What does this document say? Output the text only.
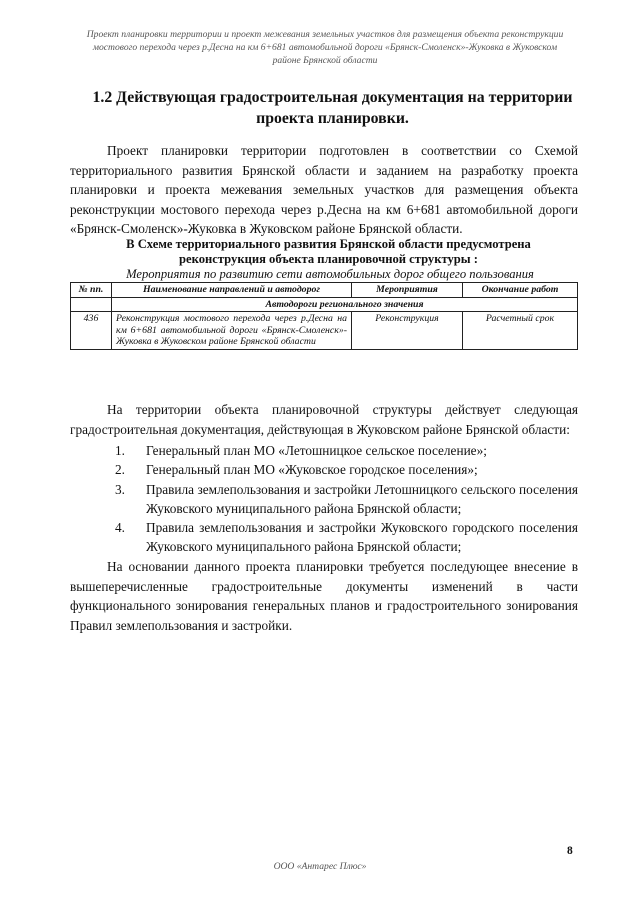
Проект планировки территории и проект межевания земельных участков для размещения объекта реконструкции мостового перехода через р.Десна на км 6+681 автомобильной дороги «Брянск-Смоленск»-Жуковка в Жуковском районе Брянской области
1.2 Действующая градостроительная документация на территории проекта планировки.
Проект планировки территории подготовлен в соответствии со Схемой территориального развития Брянской области и заданием на разработку проекта планировки и проекта межевания земельных участков для размещения объекта реконструкции мостового перехода через р.Десна на км 6+681 автомобильной дороги «Брянск-Смоленск»-Жуковка в Жуковском районе Брянской области.
В Схеме территориального развития Брянской области предусмотрена реконструкция объекта планировочной структуры :
Мероприятия по развитию сети автомобильных дорог общего пользования
№ пп.	Наименование направлений и автодорог	Мероприятия	Окончание работ
	Автодороги регионального значения		
436	Реконструкция мостового перехода через р.Десна на км 6+681 автомобильной дороги «Брянск-Смоленск»-Жуковка в Жуковском районе Брянской области	Реконструкция	Расчетный срок
На территории объекта планировочной структуры действует следующая градостроительная документация, действующая в Жуковском районе Брянской области:
1. Генеральный план МО «Летошницкое сельское поселение»;
2. Генеральный план МО «Жуковское городское поселения»;
3. Правила землепользования и застройки Летошницкого сельского поселения Жуковского муниципального района Брянской области;
4. Правила землепользования и застройки Жуковского городского поселения Жуковского муниципального района Брянской области;
На основании данного проекта планировки требуется последующее внесение в вышеперечисленные градостроительные документы изменений в части функционального зонирования генеральных планов и градостроительного зонирования Правил землепользования и застройки.
8
ООО «Антарес Плюс»
